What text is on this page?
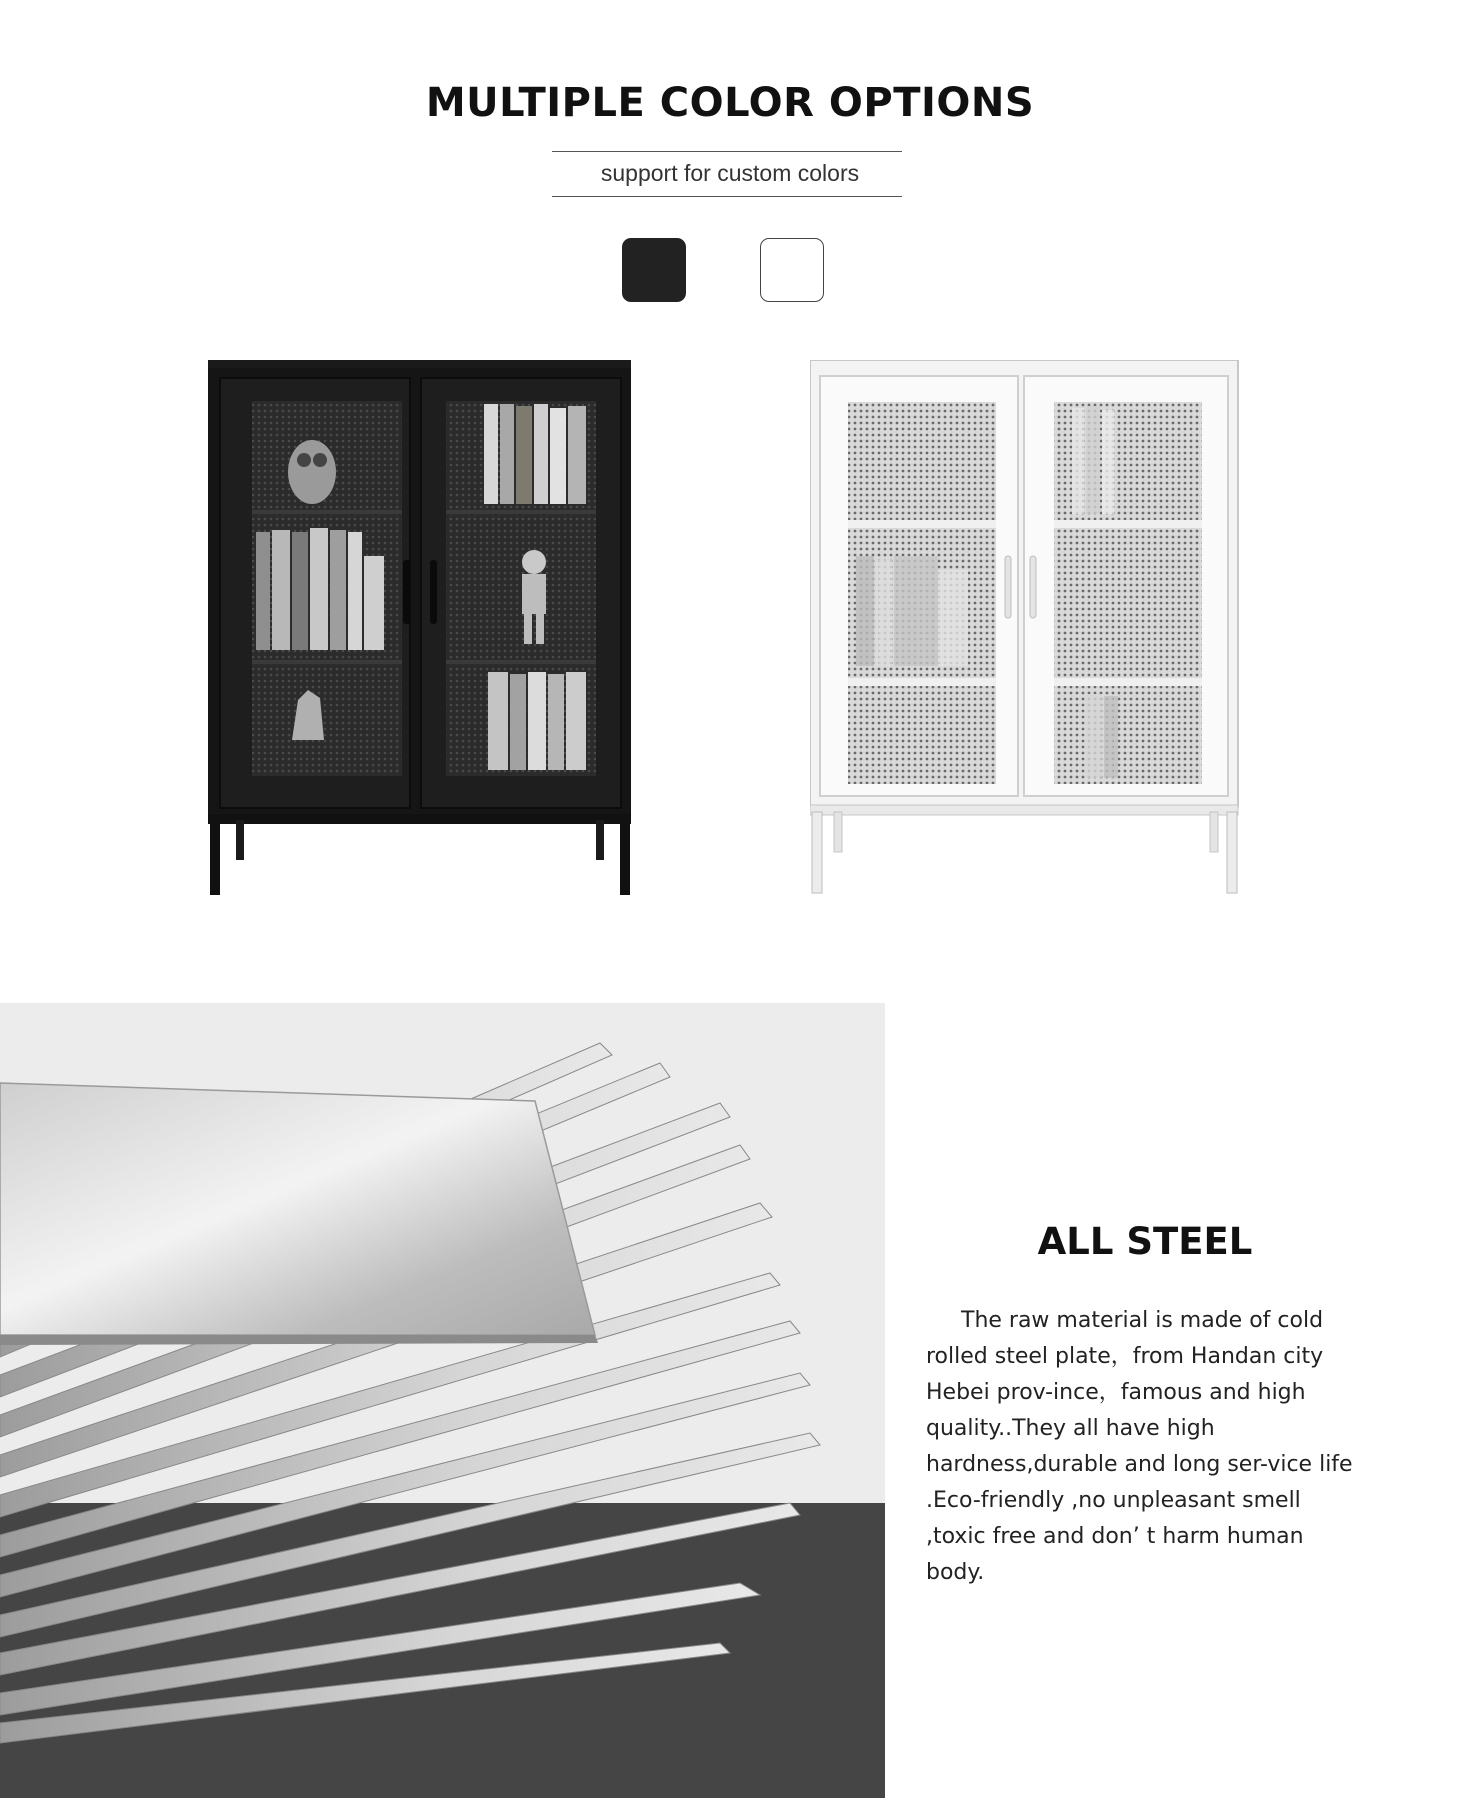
MULTIPLE COLOR OPTIONS
support for custom colors
ALL STEEL

The raw material is made of cold rolled steel plate，from Handan city Hebei prov-ince，famous and high quality..They all have high hardness,durable and long ser-vice life .Eco-friendly ,no unpleasant smell ,toxic free and don’ t harm human body.
